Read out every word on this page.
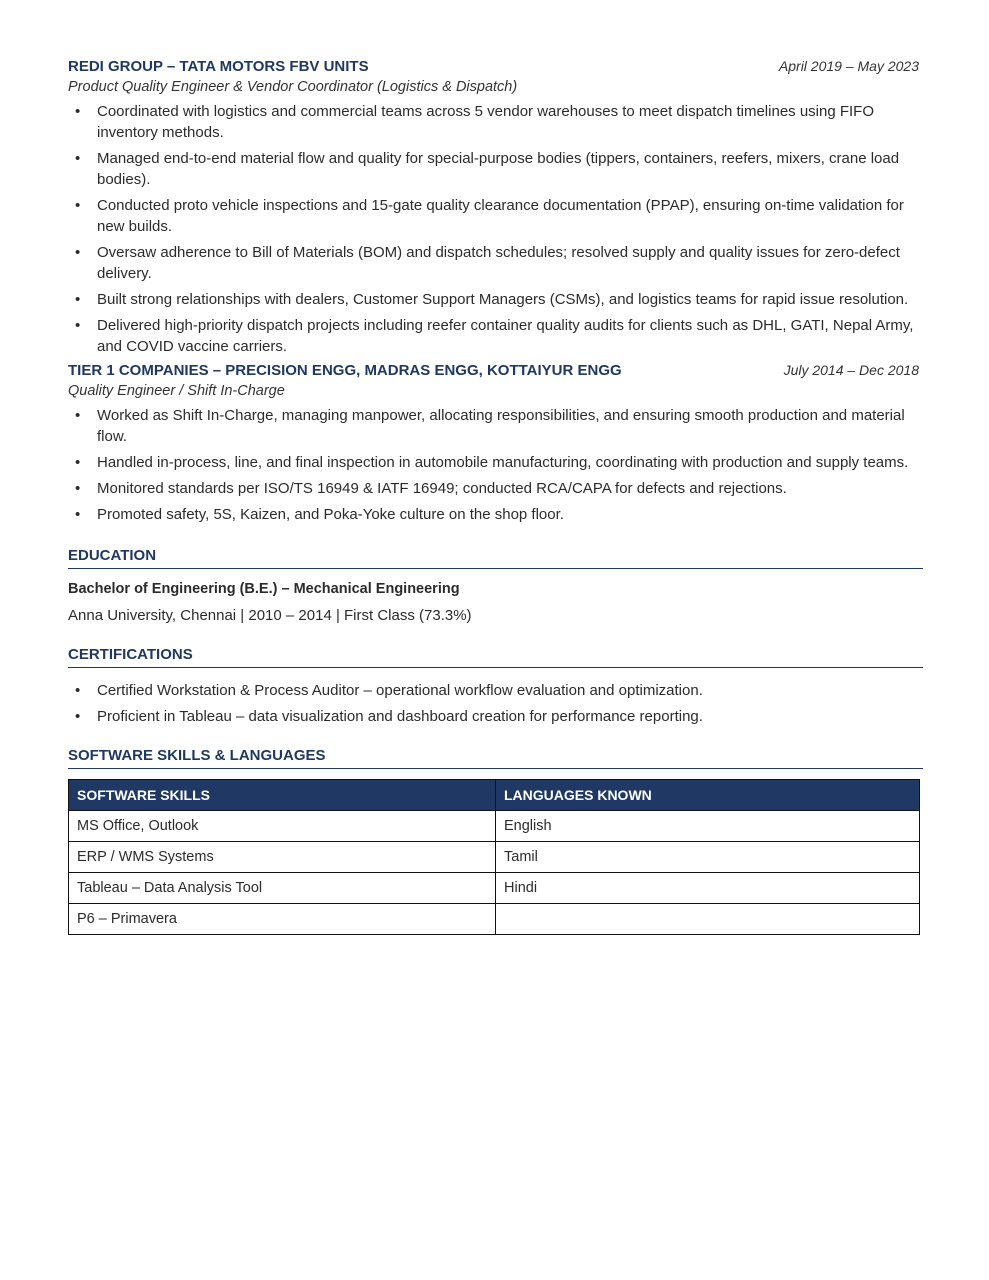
REDI GROUP – TATA MOTORS FBV UNITS	April 2019 – May 2023
Product Quality Engineer & Vendor Coordinator (Logistics & Dispatch)
• Coordinated with logistics and commercial teams across 5 vendor warehouses to meet dispatch timelines using FIFO inventory methods.
• Managed end-to-end material flow and quality for special-purpose bodies (tippers, containers, reefers, mixers, crane load bodies).
• Conducted proto vehicle inspections and 15-gate quality clearance documentation (PPAP), ensuring on-time validation for new builds.
• Oversaw adherence to Bill of Materials (BOM) and dispatch schedules; resolved supply and quality issues for zero-defect delivery.
• Built strong relationships with dealers, Customer Support Managers (CSMs), and logistics teams for rapid issue resolution.
• Delivered high-priority dispatch projects including reefer container quality audits for clients such as DHL, GATI, Nepal Army, and COVID vaccine carriers.
TIER 1 COMPANIES – PRECISION ENGG, MADRAS ENGG, KOTTAIYUR ENGG	July 2014 – Dec 2018
Quality Engineer / Shift In-Charge
• Worked as Shift In-Charge, managing manpower, allocating responsibilities, and ensuring smooth production and material flow.
• Handled in-process, line, and final inspection in automobile manufacturing, coordinating with production and supply teams.
• Monitored standards per ISO/TS 16949 & IATF 16949; conducted RCA/CAPA for defects and rejections.
• Promoted safety, 5S, Kaizen, and Poka-Yoke culture on the shop floor.
EDUCATION
Bachelor of Engineering (B.E.) – Mechanical Engineering
Anna University, Chennai | 2010 – 2014 | First Class (73.3%)
CERTIFICATIONS
• Certified Workstation & Process Auditor – operational workflow evaluation and optimization.
• Proficient in Tableau – data visualization and dashboard creation for performance reporting.
SOFTWARE SKILLS & LANGUAGES
SOFTWARE SKILLS	LANGUAGES KNOWN
MS Office, Outlook	English
ERP / WMS Systems	Tamil
Tableau – Data Analysis Tool	Hindi
P6 – Primavera	
